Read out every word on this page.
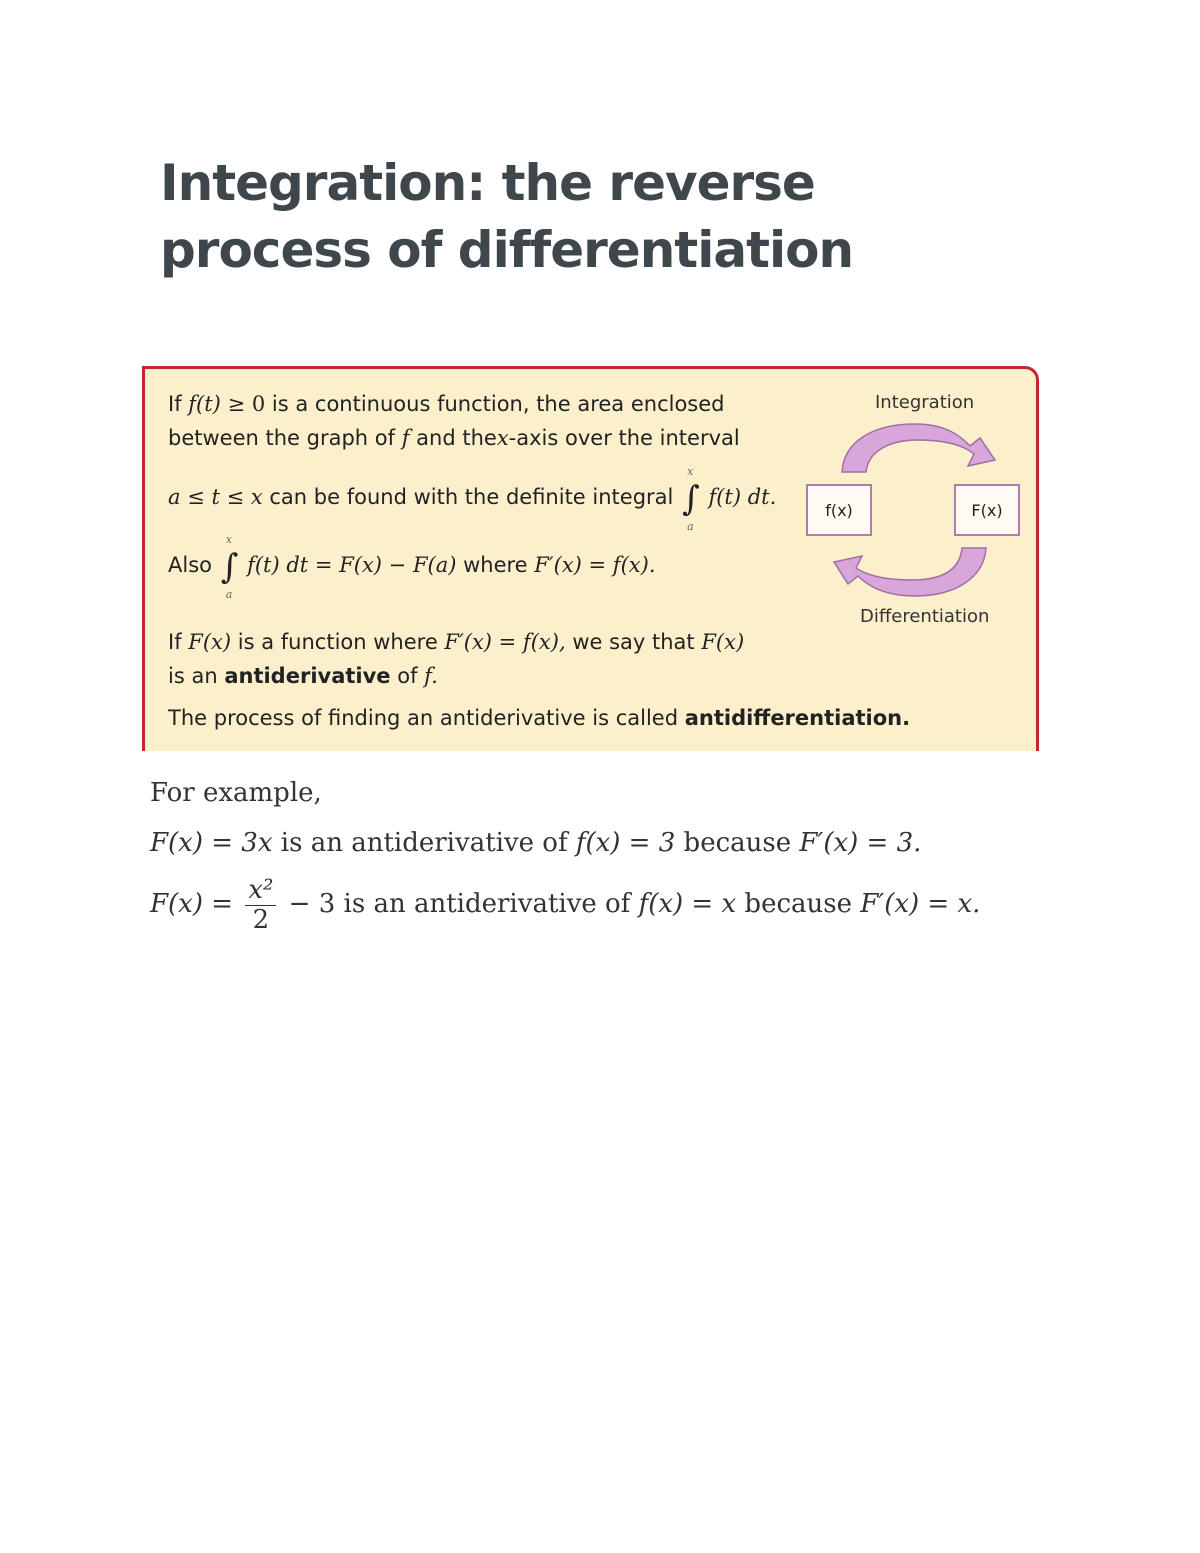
Integration: the reverse
process of differentiation
If f(t) ≥ 0 is a continuous function, the area enclosed
between the graph of f and thex-axis over the interval
a ≤ t ≤ x can be found with the definite integral ∫
x
a
f(t) dt.
Also ∫
x
a
f(t) dt = F(x) − F(a) where F′(x) = f(x).
If F(x) is a function where F′(x) = f(x), we say that F(x)
is an antiderivative of f.
The process of finding an antiderivative is called antidifferentiation.
Integration
f(x)	F(x)
Differentiation
For example,
F(x) = 3x is an antiderivative of f(x) = 3 because F′(x) = 3.
$F(x) = \frac{\text{x²}}{2} - 3$ is an antiderivative of f(x) = x because F′(x) = x.
